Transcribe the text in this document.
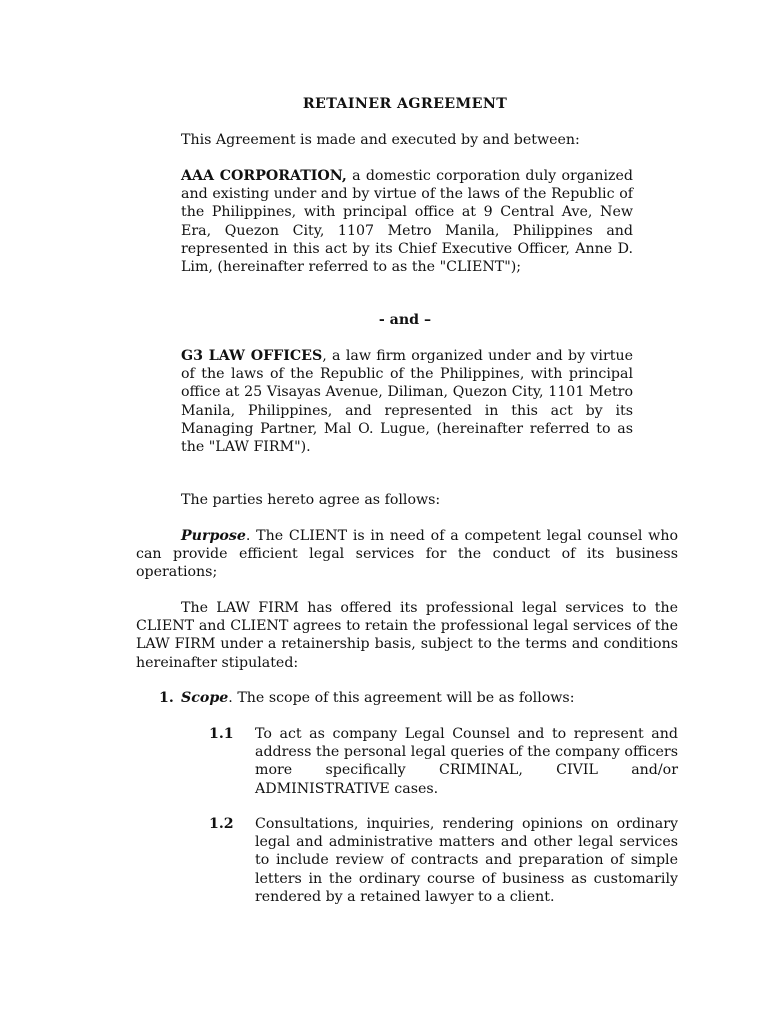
RETAINER AGREEMENT

This Agreement is made and executed by and between:

AAA CORPORATION, a domestic corporation duly organized and existing under and by virtue of the laws of the Republic of the Philippines, with principal office at 9 Central Ave, New Era, Quezon City, 1107 Metro Manila, Philippines and represented in this act by its Chief Executive Officer, Anne D. Lim, (hereinafter referred to as the "CLIENT");

- and –

G3 LAW OFFICES, a law firm organized under and by virtue of the laws of the Republic of the Philippines, with principal office at 25 Visayas Avenue, Diliman, Quezon City, 1101 Metro Manila, Philippines, and represented in this act by its Managing Partner, Mal O. Lugue, (hereinafter referred to as the "LAW FIRM").

The parties hereto agree as follows:

Purpose. The CLIENT is in need of a competent legal counsel who can provide efficient legal services for the conduct of its business operations;

The LAW FIRM has offered its professional legal services to the CLIENT and CLIENT agrees to retain the professional legal services of the LAW FIRM under a retainership basis, subject to the terms and conditions hereinafter stipulated:

1. Scope. The scope of this agreement will be as follows:

1.1 To act as company Legal Counsel and to represent and address the personal legal queries of the company officers more specifically CRIMINAL, CIVIL and/or ADMINISTRATIVE cases.

1.2 Consultations, inquiries, rendering opinions on ordinary legal and administrative matters and other legal services to include review of contracts and preparation of simple letters in the ordinary course of business as customarily rendered by a retained lawyer to a client.
